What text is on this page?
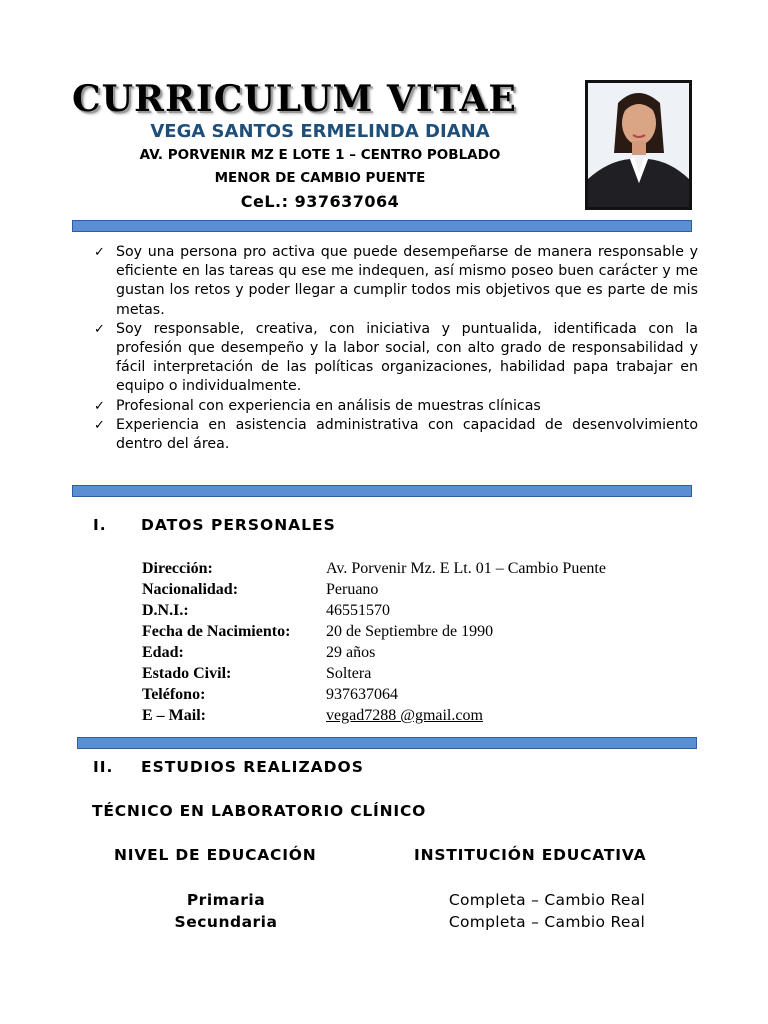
CURRICULUM VITAE
VEGA SANTOS ERMELINDA DIANA
AV. PORVENIR MZ E LOTE 1 – CENTRO POBLADO
MENOR DE CAMBIO PUENTE
CeL.: 937637064
✓ Soy una persona pro activa que puede desempeñarse de manera responsable y eficiente en las tareas qu ese me indequen, así mismo poseo buen carácter y me gustan los retos y poder llegar a cumplir todos mis objetivos que es parte de mis metas.
✓ Soy responsable, creativa, con iniciativa y puntualida, identificada con la profesión que desempeño y la labor social, con alto grado de responsabilidad y fácil interpretación de las políticas organizaciones, habilidad papa trabajar en equipo o individualmente.
✓ Profesional con experiencia en análisis de muestras clínicas
✓ Experiencia en asistencia administrativa con capacidad de desenvolvimiento dentro del área.
I. DATOS PERSONALES
Dirección:	Av. Porvenir Mz. E Lt. 01 – Cambio Puente
Nacionalidad:	Peruano
D.N.I.:	46551570
Fecha de Nacimiento:	20 de Septiembre de 1990
Edad:	29 años
Estado Civil:	Soltera
Teléfono:	937637064
E – Mail:	vegad7288 @gmail.com
II. ESTUDIOS REALIZADOS
TÉCNICO EN LABORATORIO CLÍNICO
NIVEL DE EDUCACIÓN	INSTITUCIÓN EDUCATIVA
Primaria	Completa – Cambio Real
Secundaria	Completa – Cambio Real
